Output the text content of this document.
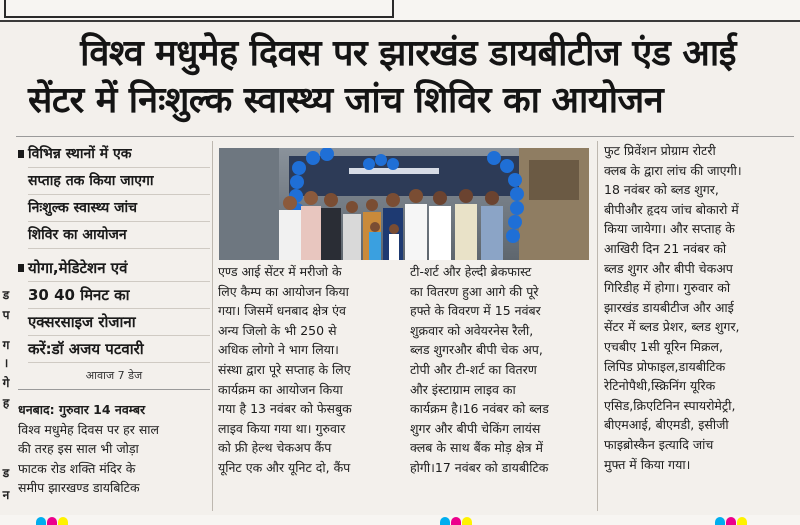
ड
प
ग
।
गे
ह
ड
न
विश्व मधुमेह दिवस पर झारखंड डायबीटीज एंड आई
सेंटर में निःशुल्क स्वास्थ्य जांच शिविर का आयोजन
विभिन्न स्थानों में एक
सप्ताह तक किया जाएगा
निःशुल्क स्वास्थ्य जांच
शिविर का आयोजन
योगा,मेडिटेशन एवं
30 40 मिनट का
एक्सरसाइज रोजाना
करें:डॉ अजय पटवारी
आवाज 7 डेज
धनबाद: गुरुवार 14 नवम्बर
विश्व मधुमेह दिवस पर हर साल
की तरह इस साल भी जोड़ा
फाटक रोड शक्ति मंदिर के
समीप झारखण्ड डायबिटिक
एण्ड आई सेंटर में मरीजो के
लिए कैम्प का आयोजन किया
गया। जिसमें धनबाद क्षेत्र एंव
अन्य जिलो के भी 250 से
अधिक लोगो ने भाग लिया।
संस्था द्वारा पूरे सप्ताह के लिए
कार्यक्रम का आयोजन किया
गया है 13 नवंबर को फेसबुक
लाइव किया गया था। गुरुवार
को फ्री हेल्थ चेकअप कैंप
यूनिट एक और यूनिट दो, कैंप
टी-शर्ट और हेल्दी ब्रेकफास्ट
का वितरण हुआ आगे की पूरे
हफ्ते के विवरण में 15 नवंबर
शुक्रवार को अवेयरनेस रैली,
ब्लड शुगरऔर बीपी चेक अप,
टोपी और टी-शर्ट का वितरण
और इंस्टाग्राम लाइव का
कार्यक्रम है।16 नवंबर को ब्लड
शुगर और बीपी चेकिंग लायंस
क्लब के साथ बैंक मोड़ क्षेत्र में
होगी।17 नवंबर को डायबीटिक
फुट प्रिवेंशन प्रोग्राम रोटरी
क्लब के द्वारा लांच की जाएगी।
18 नवंबर को ब्लड शुगर,
बीपीऔर हृदय जांच बोकारो में
किया जायेगा। और सप्ताह के
आखिरी दिन 21 नवंबर को
ब्लड शुगर और बीपी चेकअप
गिरिडीह में होगा। गुरुवार को
झारखंड डायबीटीज और आई
सेंटर में ब्लड प्रेशर, ब्लड शुगर,
एचबीए 1सी यूरिन मिक्रल,
लिपिड प्रोफाइल,डायबीटिक
रेटिनोपैथी,स्क्रिनिंग यूरिक
एसिड,क्रिएटिनिन स्पायरोमेट्री,
बीएमआई, बीएमडी, इसीजी
फाइब्रोस्कैन इत्यादि जांच
मुफ्त में किया गया।
